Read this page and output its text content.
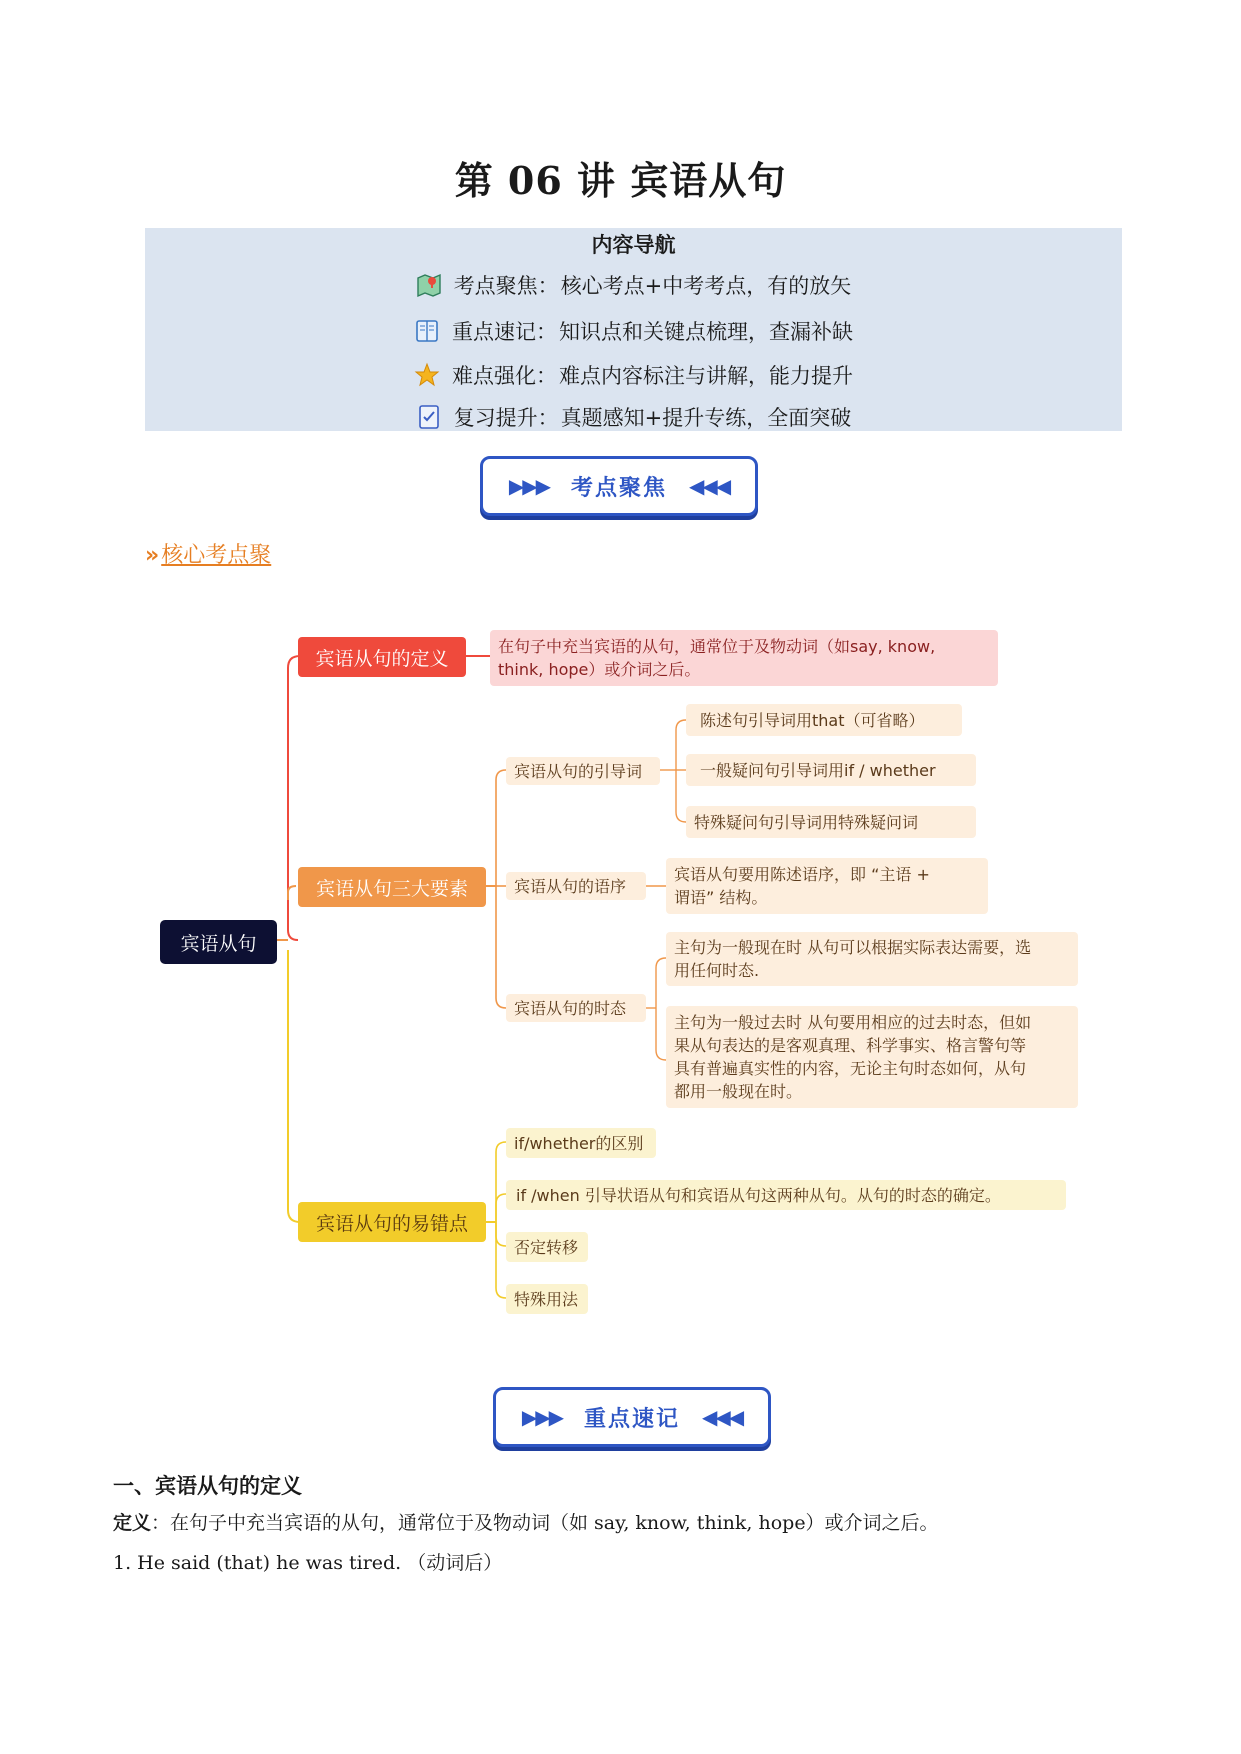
第 06 讲 宾语从句
内容导航
考点聚焦： 核心考点+中考考点，有的放矢
重点速记： 知识点和关键点梳理，查漏补缺
难点强化： 难点内容标注与讲解，能力提升
复习提升： 真题感知+提升专练，全面突破
▶▶▶ 考点聚焦 ◀◀◀
»核心考点聚
宾语从句
宾语从句的定义
在句子中充当宾语的从句，通常位于及物动词（如say, know,
think, hope）或介词之后。
宾语从句三大要素
宾语从句的引导词
陈述句引导词用that（可省略）
一般疑问句引导词用if / whether
特殊疑问句引导词用特殊疑问词
宾语从句的语序
宾语从句要用陈述语序，即 “主语 +
谓语” 结构。
宾语从句的时态
主句为一般现在时 从句可以根据实际表达需要，选
用任何时态.
主句为一般过去时 从句要用相应的过去时态，但如
果从句表达的是客观真理、科学事实、格言警句等
具有普遍真实性的内容，无论主句时态如何，从句
都用一般现在时。
宾语从句的易错点
if/whether的区别
if /when 引导状语从句和宾语从句这两种从句。从句的时态的确定。
否定转移
特殊用法
▶▶▶ 重点速记 ◀◀◀
一、宾语从句的定义
定义：在句子中充当宾语的从句，通常位于及物动词（如 say, know, think, hope）或介词之后。
1. He said (that) he was tired. （动词后）
